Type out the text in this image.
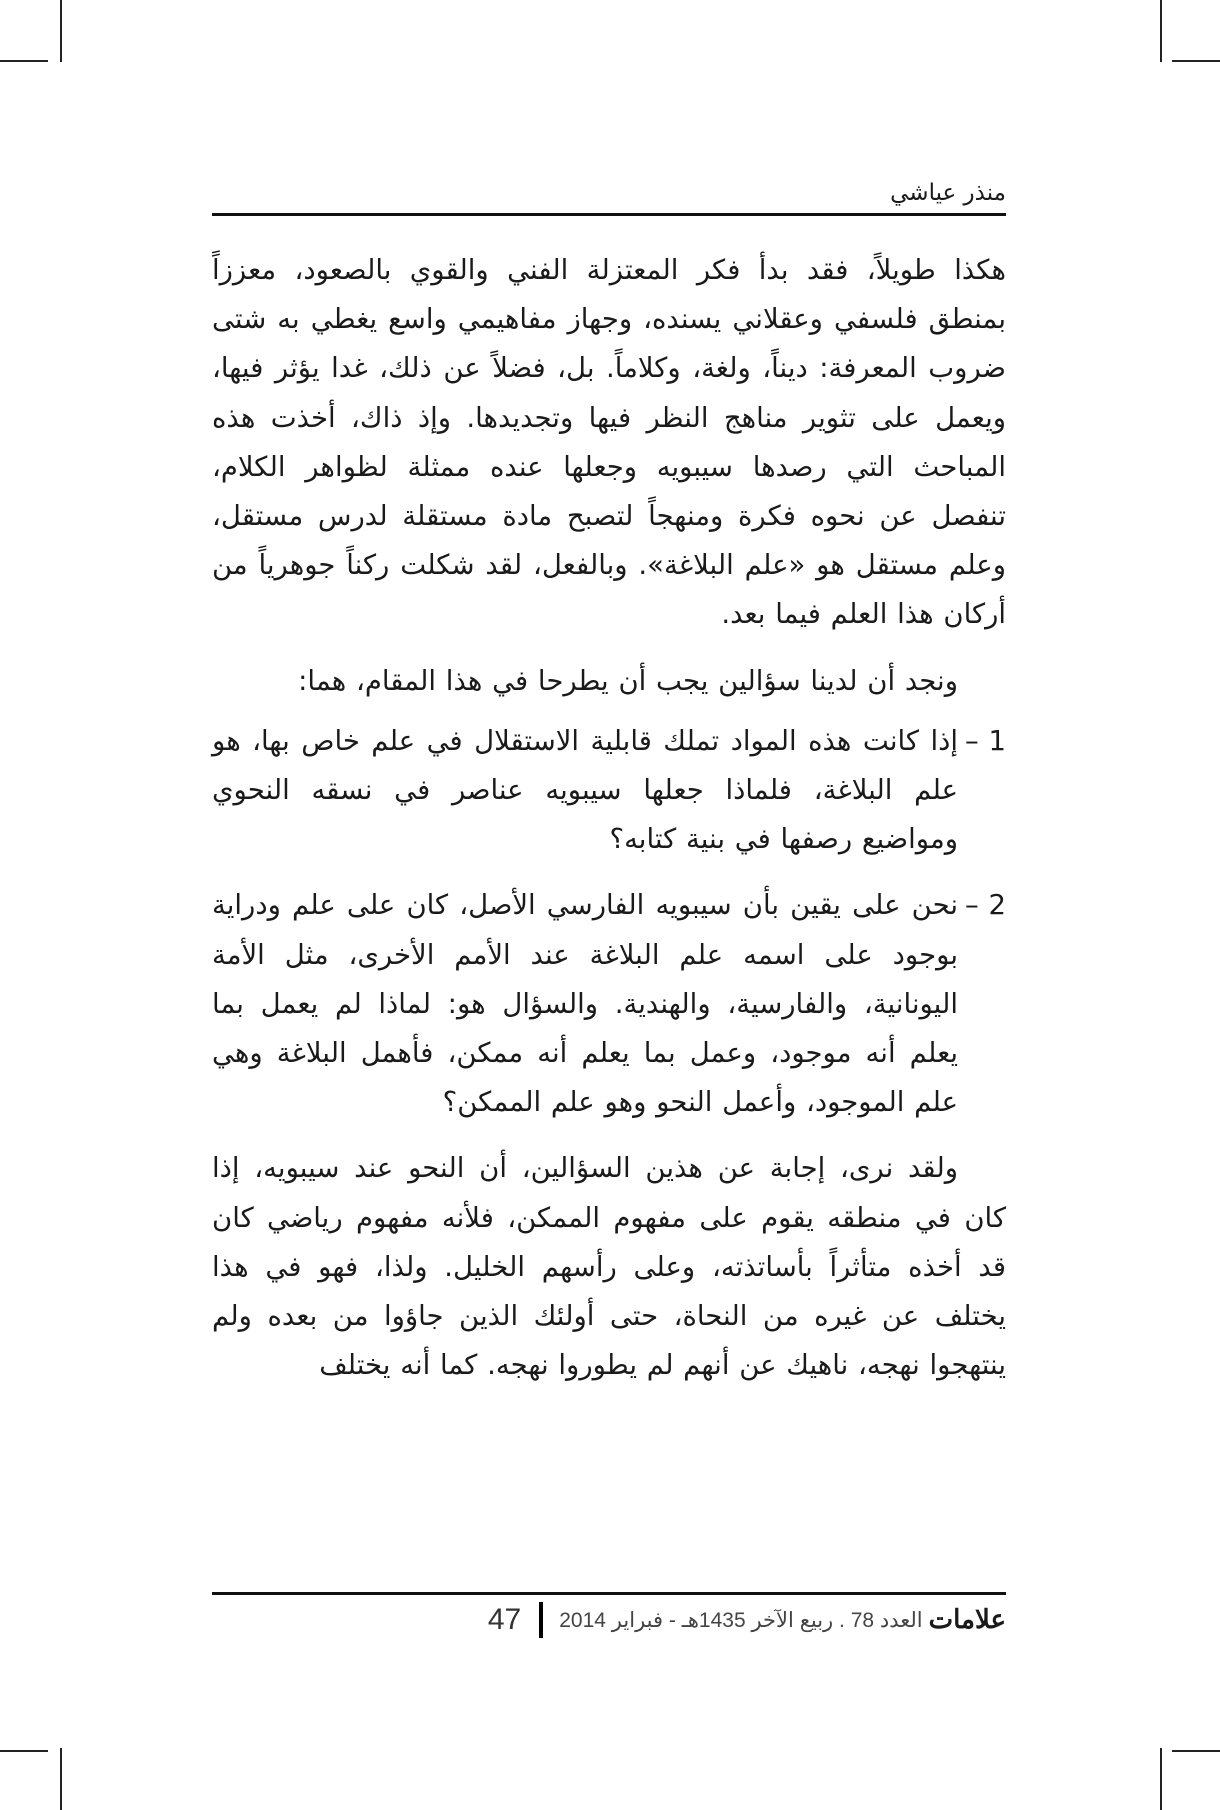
منذر عياشي

هكذا طويلاً، فقد بدأ فكر المعتزلة الفني والقوي بالصعود، معززاً بمنطق فلسفي وعقلاني يسنده، وجهاز مفاهيمي واسع يغطي به شتى ضروب المعرفة: ديناً، ولغة، وكلاماً. بل، فضلاً عن ذلك، غدا يؤثر فيها، ويعمل على تثوير مناهج النظر فيها وتجديدها. وإذ ذاك، أخذت هذه المباحث التي رصدها سيبويه وجعلها عنده ممثلة لظواهر الكلام، تنفصل عن نحوه فكرة ومنهجاً لتصبح مادة مستقلة لدرس مستقل، وعلم مستقل هو «علم البلاغة». وبالفعل، لقد شكلت ركناً جوهرياً من أركان هذا العلم فيما بعد.

ونجد أن لدينا سؤالين يجب أن يطرحا في هذا المقام، هما:

1 –
إذا كانت هذه المواد تملك قابلية الاستقلال في علم خاص بها، هو علم البلاغة، فلماذا جعلها سيبويه عناصر في نسقه النحوي ومواضيع رصفها في بنية كتابه؟
2 –
نحن على يقين بأن سيبويه الفارسي الأصل، كان على علم ودراية بوجود على اسمه علم البلاغة عند الأمم الأخرى، مثل الأمة اليونانية، والفارسية، والهندية. والسؤال هو: لماذا لم يعمل بما يعلم أنه موجود، وعمل بما يعلم أنه ممكن، فأهمل البلاغة وهي علم الموجود، وأعمل النحو وهو علم الممكن؟

ولقد نرى، إجابة عن هذين السؤالين، أن النحو عند سيبويه، إذا كان في منطقه يقوم على مفهوم الممكن، فلأنه مفهوم رياضي كان قد أخذه متأثراً بأساتذته، وعلى رأسهم الخليل. ولذا، فهو في هذا يختلف عن غيره من النحاة، حتى أولئك الذين جاؤوا من بعده ولم ينتهجوا نهجه، ناهيك عن أنهم لم يطوروا نهجه. كما أنه يختلف

علامات
العدد 78 . ربيع الآخر 1435هـ - فبراير 2014
47
